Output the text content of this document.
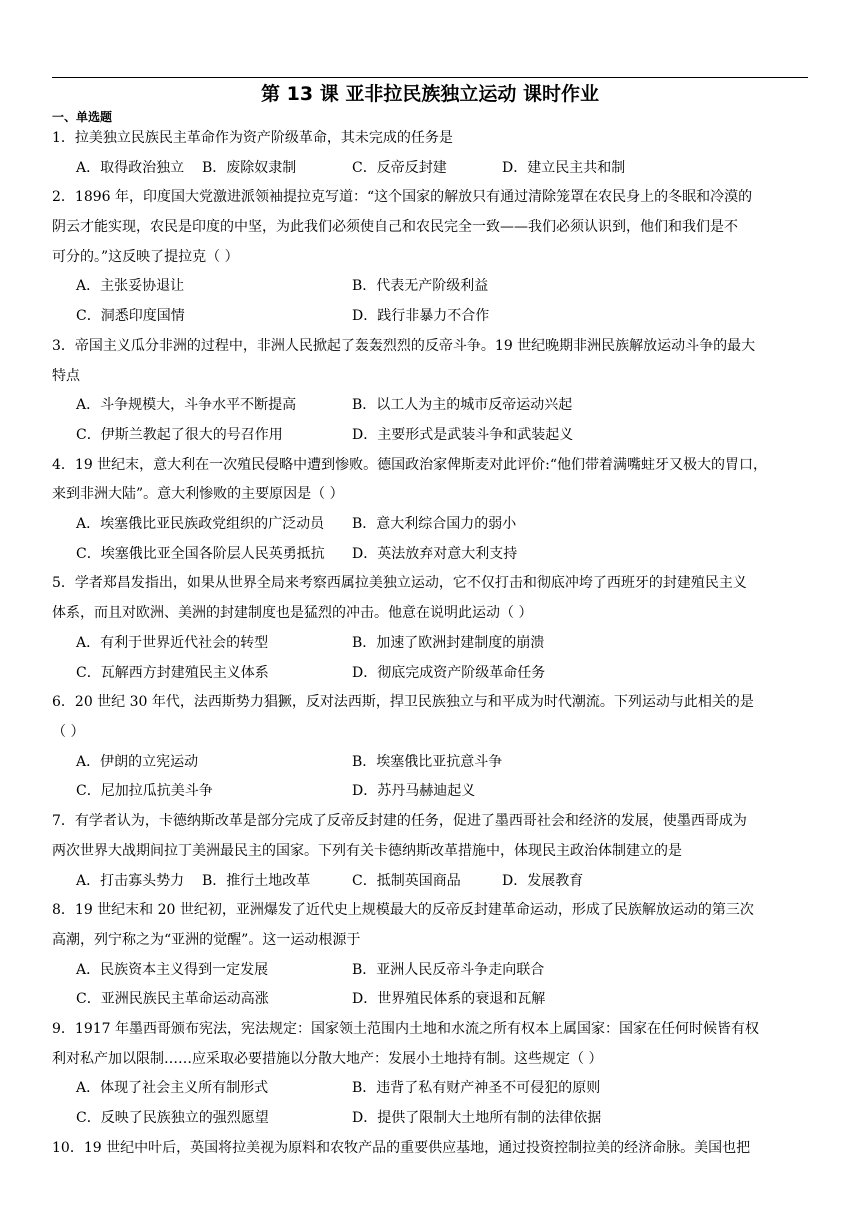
第 13 课 亚非拉民族独立运动 课时作业
一、单选题
1．拉美独立民族民主革命作为资产阶级革命，其未完成的任务是
A．取得政治独立 B．废除奴隶制	C．反帝反封建	D．建立民主共和制
2．1896 年，印度国大党激进派领袖提拉克写道：“这个国家的解放只有通过清除笼罩在农民身上的冬眠和冷漠的
阴云才能实现，农民是印度的中坚，为此我们必须使自己和农民完全一致——我们必须认识到，他们和我们是不
可分的。”这反映了提拉克（ ）
A．主张妥协退让	B．代表无产阶级利益
C．洞悉印度国情	D．践行非暴力不合作
3．帝国主义瓜分非洲的过程中，非洲人民掀起了轰轰烈烈的反帝斗争。19 世纪晚期非洲民族解放运动斗争的最大
特点
A．斗争规模大，斗争水平不断提高	B．以工人为主的城市反帝运动兴起
C．伊斯兰教起了很大的号召作用	D．主要形式是武装斗争和武装起义
4．19 世纪末，意大利在一次殖民侵略中遭到惨败。德国政治家俾斯麦对此评价:“他们带着满嘴蛀牙又极大的胃口，
来到非洲大陆”。意大利惨败的主要原因是（ ）
A．埃塞俄比亚民族政党组织的广泛动员 B．意大利综合国力的弱小
C．埃塞俄比亚全国各阶层人民英勇抵抗 D．英法放弃对意大利支持
5．学者郑昌发指出，如果从世界全局来考察西属拉美独立运动，它不仅打击和彻底冲垮了西班牙的封建殖民主义
体系，而且对欧洲、美洲的封建制度也是猛烈的冲击。他意在说明此运动（ ）
A．有利于世界近代社会的转型	B．加速了欧洲封建制度的崩溃
C．瓦解西方封建殖民主义体系	D．彻底完成资产阶级革命任务
6．20 世纪 30 年代，法西斯势力猖獗，反对法西斯，捍卫民族独立与和平成为时代潮流。下列运动与此相关的是
（ ）
A．伊朗的立宪运动	B．埃塞俄比亚抗意斗争
C．尼加拉瓜抗美斗争	D．苏丹马赫迪起义
7．有学者认为，卡德纳斯改革是部分完成了反帝反封建的任务，促进了墨西哥社会和经济的发展，使墨西哥成为
两次世界大战期间拉丁美洲最民主的国家。下列有关卡德纳斯改革措施中，体现民主政治体制建立的是
A．打击寡头势力 B．推行土地改革	C．抵制英国商品	D．发展教育
8．19 世纪末和 20 世纪初，亚洲爆发了近代史上规模最大的反帝反封建革命运动，形成了民族解放运动的第三次
高潮，列宁称之为“亚洲的觉醒”。这一运动根源于
A．民族资本主义得到一定发展	B．亚洲人民反帝斗争走向联合
C．亚洲民族民主革命运动高涨	D．世界殖民体系的衰退和瓦解
9．1917 年墨西哥颁布宪法，宪法规定：国家领土范围内土地和水流之所有权本上属国家：国家在任何时候皆有权
利对私产加以限制……应采取必要措施以分散大地产：发展小土地持有制。这些规定（ ）
A．体现了社会主义所有制形式	B．违背了私有财产神圣不可侵犯的原则
C．反映了民族独立的强烈愿望	D．提供了限制大土地所有制的法律依据
10．19 世纪中叶后，英国将拉美视为原料和农牧产品的重要供应基地，通过投资控制拉美的经济命脉。美国也把
